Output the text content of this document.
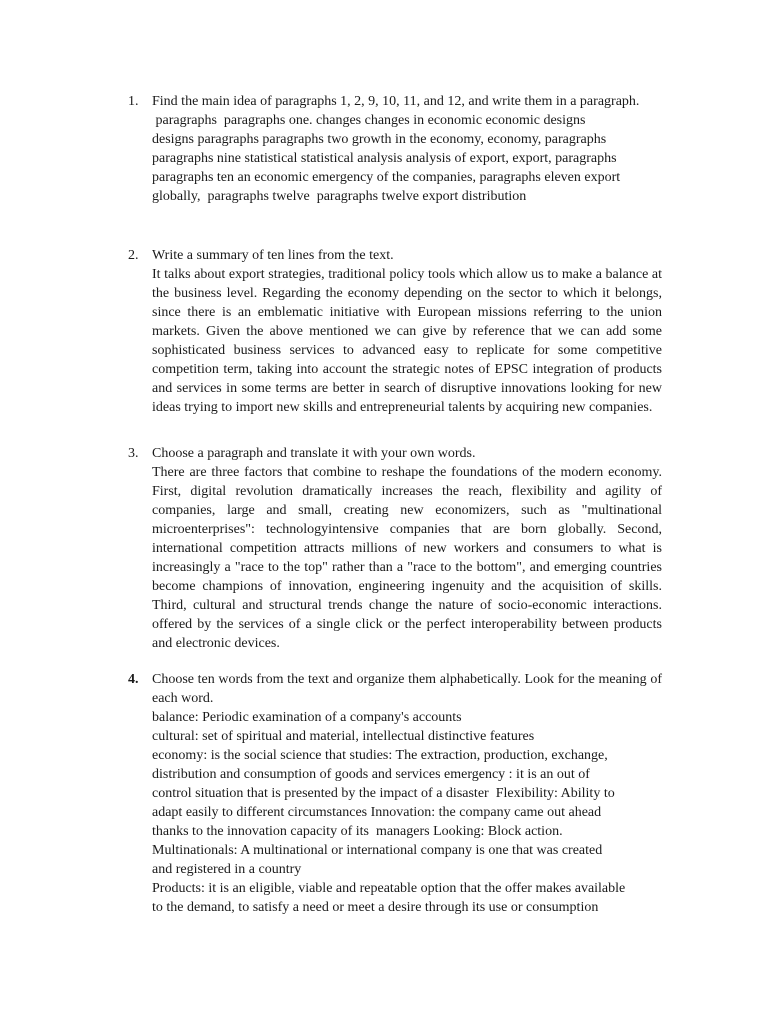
1. Find the main idea of paragraphs 1, 2, 9, 10, 11, and 12, and write them in a paragraph.

paragraphs  paragraphs one. changes changes in economic economic designs
designs paragraphs paragraphs two growth in the economy, economy, paragraphs
paragraphs nine statistical statistical analysis analysis of export, export, paragraphs
paragraphs ten an economic emergency of the companies, paragraphs eleven export
globally,  paragraphs twelve  paragraphs twelve export distribution
2. Write a summary of ten lines from the text.

It talks about export strategies, traditional policy tools which allow us to make a balance at the business level. Regarding the economy depending on the sector to which it belongs, since there is an emblematic initiative with European missions referring to the union markets. Given the above mentioned we can give by reference that we can add some sophisticated business services to advanced easy to replicate for some competitive competition term, taking into account the strategic notes of EPSC integration of products and services in some terms are better in search of disruptive innovations looking for new ideas trying to import new skills and entrepreneurial talents by acquiring new companies.

3. Choose a paragraph and translate it with your own words.

There are three factors that combine to reshape the foundations of the modern economy. First, digital revolution dramatically increases the reach, flexibility and agility of companies, large and small, creating new economizers, such as "multinational microenterprises": technologyintensive companies that are born globally. Second, international competition attracts millions of new workers and consumers to what is increasingly a "race to the top" rather than a "race to the bottom", and emerging countries become champions of innovation, engineering ingenuity and the acquisition of skills. Third, cultural and structural trends change the nature of socio-economic interactions. offered by the services of a single click or the perfect interoperability between products and electronic devices.

4. Choose ten words from the text and organize them alphabetically. Look for the meaning of each word.

balance: Periodic examination of a company's accounts
cultural: set of spiritual and material, intellectual distinctive features
economy: is the social science that studies: The extraction, production, exchange,
distribution and consumption of goods and services emergency : it is an out of
control situation that is presented by the impact of a disaster  Flexibility: Ability to
adapt easily to different circumstances Innovation: the company came out ahead
thanks to the innovation capacity of its  managers Looking: Block action.
Multinationals: A multinational or international company is one that was created
and registered in a country
Products: it is an eligible, viable and repeatable option that the offer makes available
to the demand, to satisfy a need or meet a desire through its use or consumption
